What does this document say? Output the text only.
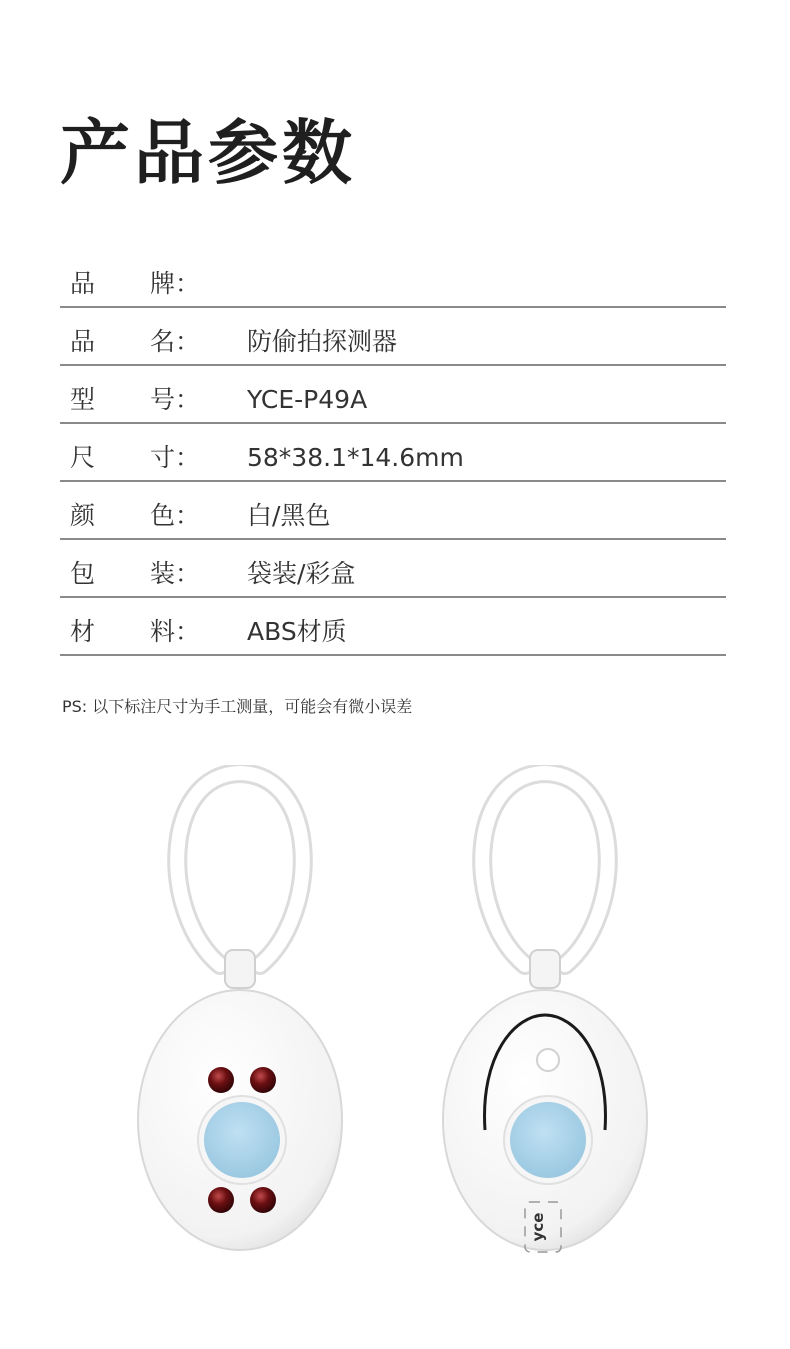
产品参数
品 牌：
品 名： 防偷拍探测器
型 号： YCE-P49A
尺 寸： 58*38.1*14.6mm
颜 色： 白/黑色
包 装： 袋装/彩盒
材 料： ABS材质
PS: 以下标注尺寸为手工测量，可能会有微小误差
yce
